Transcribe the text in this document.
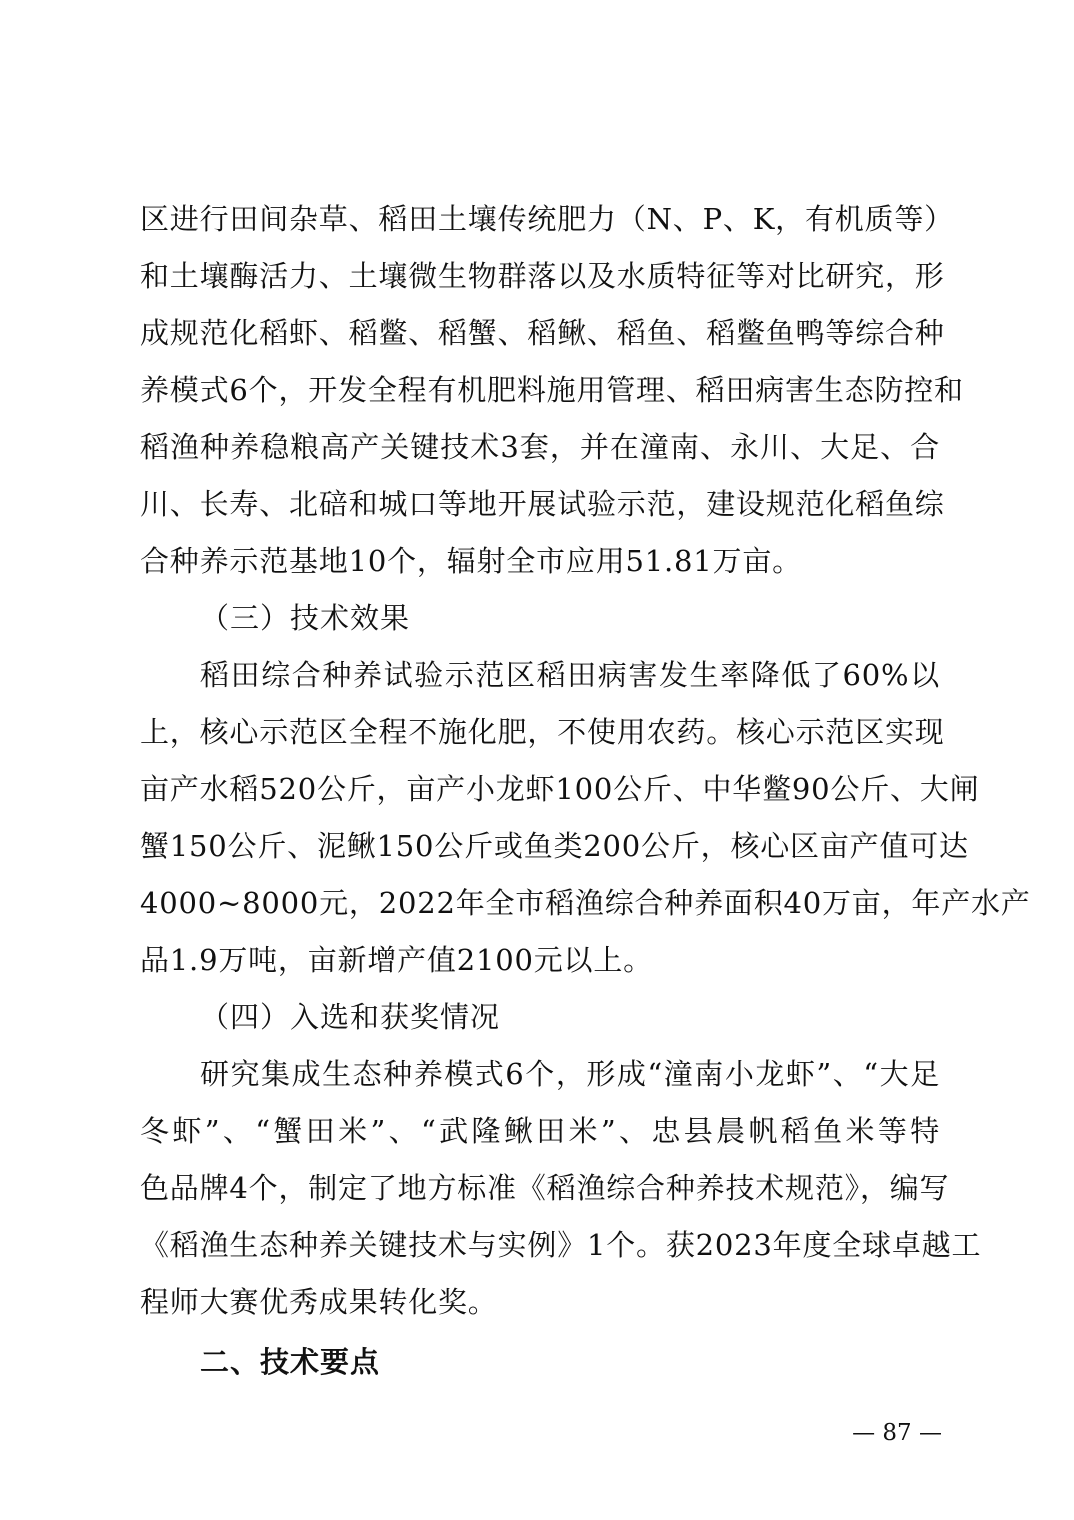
区进行田间杂草、稻田土壤传统肥力（N、P、K，有机质等）
和土壤酶活力、土壤微生物群落以及水质特征等对比研究，形
成规范化稻虾、稻鳖、稻蟹、稻鳅、稻鱼、稻鳖鱼鸭等综合种
养模式6个，开发全程有机肥料施用管理、稻田病害生态防控和
稻渔种养稳粮高产关键技术3套，并在潼南、永川、大足、合
川、长寿、北碚和城口等地开展试验示范，建设规范化稻鱼综
合种养示范基地10个，辐射全市应用51.81万亩。
（三）技术效果
稻田综合种养试验示范区稻田病害发生率降低了60%以
上，核心示范区全程不施化肥，不使用农药。核心示范区实现
亩产水稻520公斤，亩产小龙虾100公斤、中华鳖90公斤、大闸
蟹150公斤、泥鳅150公斤或鱼类200公斤，核心区亩产值可达
4000~8000元，2022年全市稻渔综合种养面积40万亩，年产水产
品1.9万吨，亩新增产值2100元以上。
（四）入选和获奖情况
研究集成生态种养模式6个，形成“潼南小龙虾”、“大足
冬虾”、“蟹田米”、“武隆鳅田米”、忠县晨帆稻鱼米等特
色品牌4个，制定了地方标准《稻渔综合种养技术规范》，编写
《稻渔生态种养关键技术与实例》1个。获2023年度全球卓越工
程师大赛优秀成果转化奖。
二、技术要点
— 87 —
